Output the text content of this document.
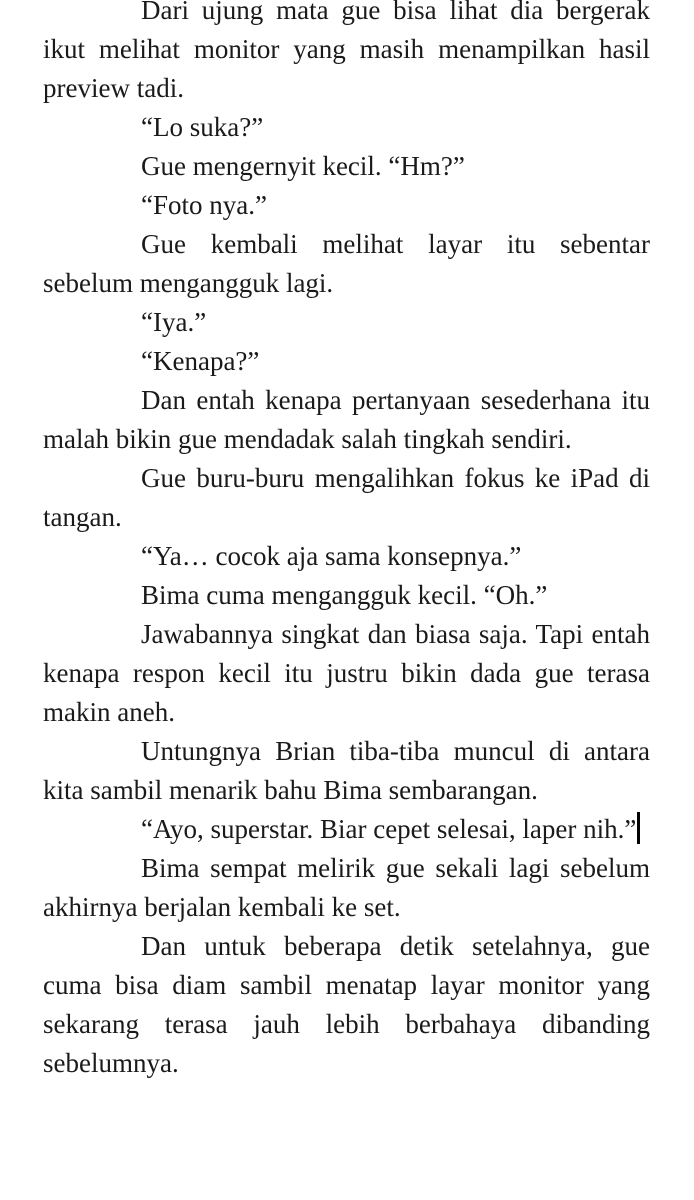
Dari ujung mata gue bisa lihat dia bergerak ikut melihat monitor yang masih menampilkan hasil preview tadi.

“Lo suka?”

Gue mengernyit kecil. “Hm?”

“Foto nya.”

Gue kembali melihat layar itu sebentar sebelum mengangguk lagi.

“Iya.”

“Kenapa?”

Dan entah kenapa pertanyaan sesederhana itu malah bikin gue mendadak salah tingkah sendiri.

Gue buru-buru mengalihkan fokus ke iPad di tangan.

“Ya… cocok aja sama konsepnya.”

Bima cuma mengangguk kecil. “Oh.”

Jawabannya singkat dan biasa saja. Tapi entah kenapa respon kecil itu justru bikin dada gue terasa makin aneh.

Untungnya Brian tiba-tiba muncul di antara kita sambil menarik bahu Bima sembarangan.

“Ayo, superstar. Biar cepet selesai, laper nih.”

Bima sempat melirik gue sekali lagi sebelum akhirnya berjalan kembali ke set.

Dan untuk beberapa detik setelahnya, gue cuma bisa diam sambil menatap layar monitor yang sekarang terasa jauh lebih berbahaya dibanding sebelumnya.
